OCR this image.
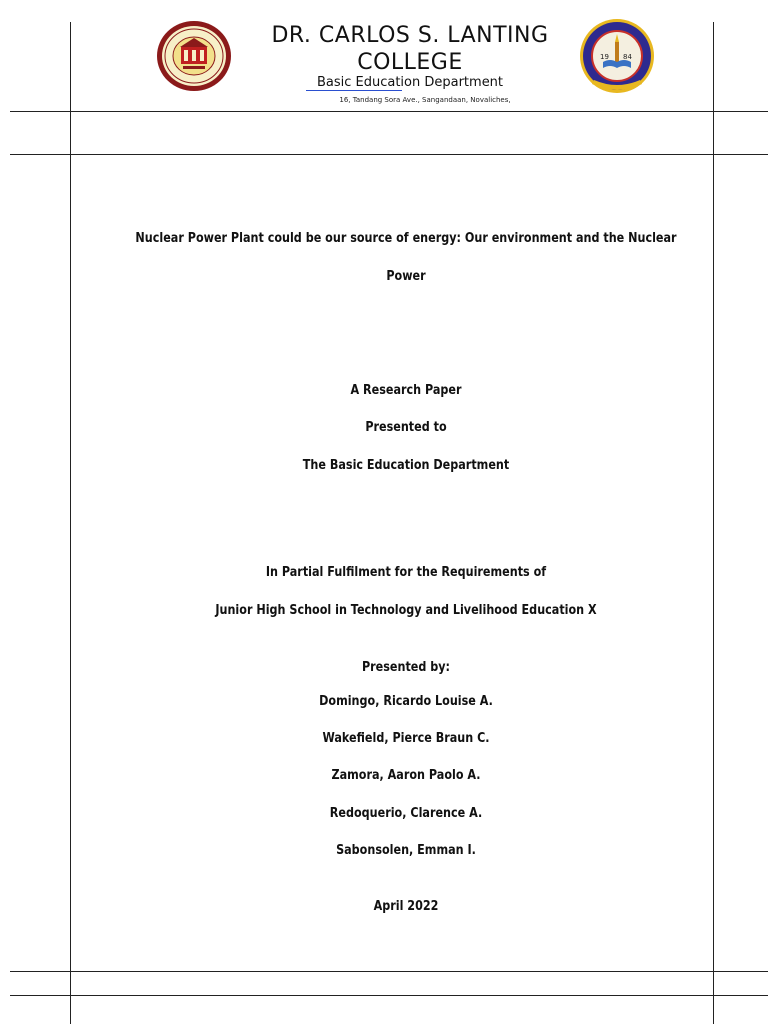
19 84
DR. CARLOS S. LANTING
COLLEGE
Basic Education Department
16, Tandang Sora Ave., Sangandaan, Novaliches,
Nuclear Power Plant could be our source of energy: Our environment and the Nuclear
Power
A Research Paper
Presented to
The Basic Education Department
In Partial Fulfilment for the Requirements of
Junior High School in Technology and Livelihood Education X
Presented by:
Domingo, Ricardo Louise A.
Wakefield, Pierce Braun C.
Zamora, Aaron Paolo A.
Redoquerio, Clarence A.
Sabonsolen, Emman I.
April 2022
